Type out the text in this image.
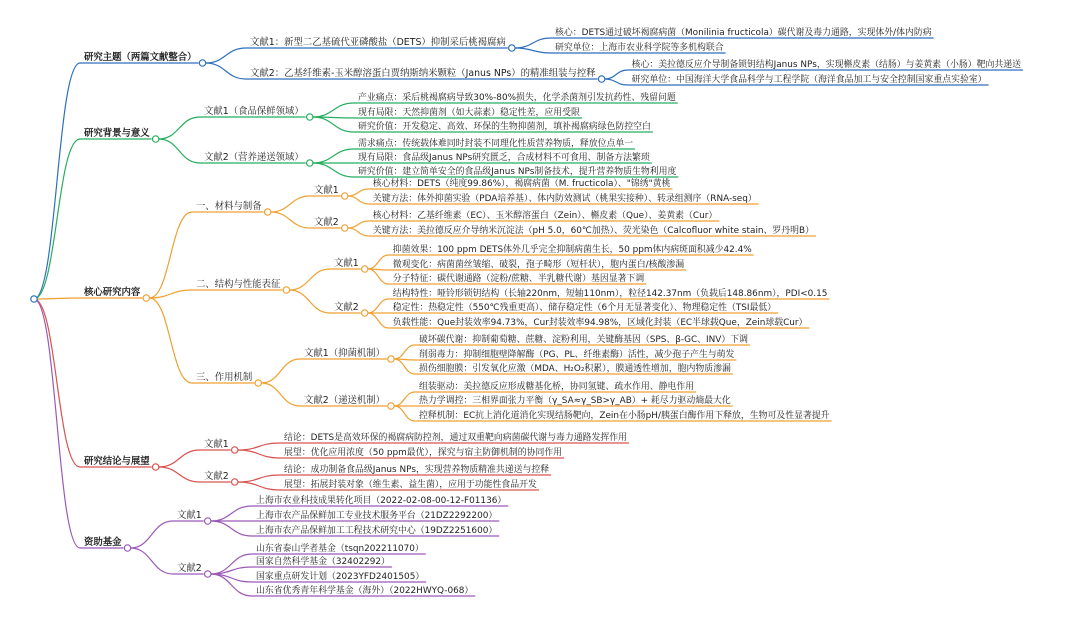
研究主题（两篇文献整合）
文献1：新型二乙基硫代亚磷酸盐（DETS）抑制采后桃褐腐病
核心：DETS通过破坏褐腐病菌（Monilinia fructicola）碳代谢及毒力通路，实现体外/体内防病
研究单位：上海市农业科学院等多机构联合
文献2：乙基纤维素-玉米醇溶蛋白贾纳斯纳米颗粒（Janus NPs）的精准组装与控释
核心：美拉德反应介导制备锁钥结构Janus NPs，实现槲皮素（结肠）与姜黄素（小肠）靶向共递送
研究单位：中国海洋大学食品科学与工程学院（海洋食品加工与安全控制国家重点实验室）
研究背景与意义
文献1（食品保鲜领域）
产业痛点：采后桃褐腐病导致30%-80%损失，化学杀菌剂引发抗药性、残留问题
现有局限：天然抑菌剂（如大蒜素）稳定性差，应用受限
研究价值：开发稳定、高效、环保的生物抑菌剂，填补褐腐病绿色防控空白
文献2（营养递送领域）
需求痛点：传统载体难同时封装不同理化性质营养物质，释放位点单一
现有局限：食品级Janus NPs研究匮乏，合成材料不可食用、制备方法繁琐
研究价值：建立简单安全的食品级Janus NPs制备技术，提升营养物质生物利用度
核心研究内容
一、材料与制备
文献1
核心材料：DETS（纯度99.86%），褐腐病菌（M. fructicola）、"锦绣"黄桃
关键方法：体外抑菌实验（PDA培养基）、体内防效测试（桃果实接种）、转录组测序（RNA-seq）
文献2
核心材料：乙基纤维素（EC）、玉米醇溶蛋白（Zein）、槲皮素（Que）、姜黄素（Cur）
关键方法：美拉德反应介导纳米沉淀法（pH 5.0，60℃加热）、荧光染色（Calcofluor white stain、罗丹明B）
二、结构与性能表征
文献1
抑菌效果：100 ppm DETS体外几乎完全抑制病菌生长，50 ppm体内病斑面积减少42.4%
微观变化：病菌菌丝皱缩、破裂，孢子畸形（短杆状），胞内蛋白/核酸渗漏
分子特征：碳代谢通路（淀粉/蔗糖、半乳糖代谢）基因显著下调
文献2
结构特性：哑铃形锁钥结构（长轴220nm，短轴110nm），粒径142.37nm（负载后148.86nm），PDI<0.15
稳定性：热稳定性（550℃残重更高）、储存稳定性（6个月无显著变化）、物理稳定性（TSI最低）
负载性能：Que封装效率94.73%，Cur封装效率94.98%，区域化封装（EC半球载Que，Zein球载Cur）
三、作用机制
文献1（抑菌机制）
破坏碳代谢：抑制葡萄糖、蔗糖、淀粉利用，关键酶基因（SPS、β-GC、INV）下调
削弱毒力：抑制细胞壁降解酶（PG、PL、纤维素酶）活性，减少孢子产生与萌发
损伤细胞膜：引发氧化应激（MDA、H₂O₂积累），膜通透性增加，胞内物质渗漏
文献2（递送机制）
组装驱动：美拉德反应形成糖基化桥，协同氢键、疏水作用、静电作用
热力学调控：三相界面张力平衡（γ_SA≈γ_SB>γ_AB）+ 耗尽力驱动熵最大化
控释机制：EC抗上消化道消化实现结肠靶向，Zein在小肠pH/胰蛋白酶作用下释放，生物可及性显著提升
研究结论与展望
文献1
结论：DETS是高效环保的褐腐病防控剂，通过双重靶向病菌碳代谢与毒力通路发挥作用
展望：优化应用浓度（50 ppm最优），探究与宿主防御机制的协同作用
文献2
结论：成功制备食品级Janus NPs，实现营养物质精准共递送与控释
展望：拓展封装对象（维生素、益生菌），应用于功能性食品开发
资助基金
文献1
上海市农业科技成果转化项目（2022-02-08-00-12-F01136）
上海市农产品保鲜加工专业技术服务平台（21DZ2292200）
上海市农产品保鲜加工工程技术研究中心（19DZ2251600）
文献2
山东省泰山学者基金（tsqn202211070）
国家自然科学基金（32402292）
国家重点研发计划（2023YFD2401505）
山东省优秀青年科学基金（海外）（2022HWYQ-068）
